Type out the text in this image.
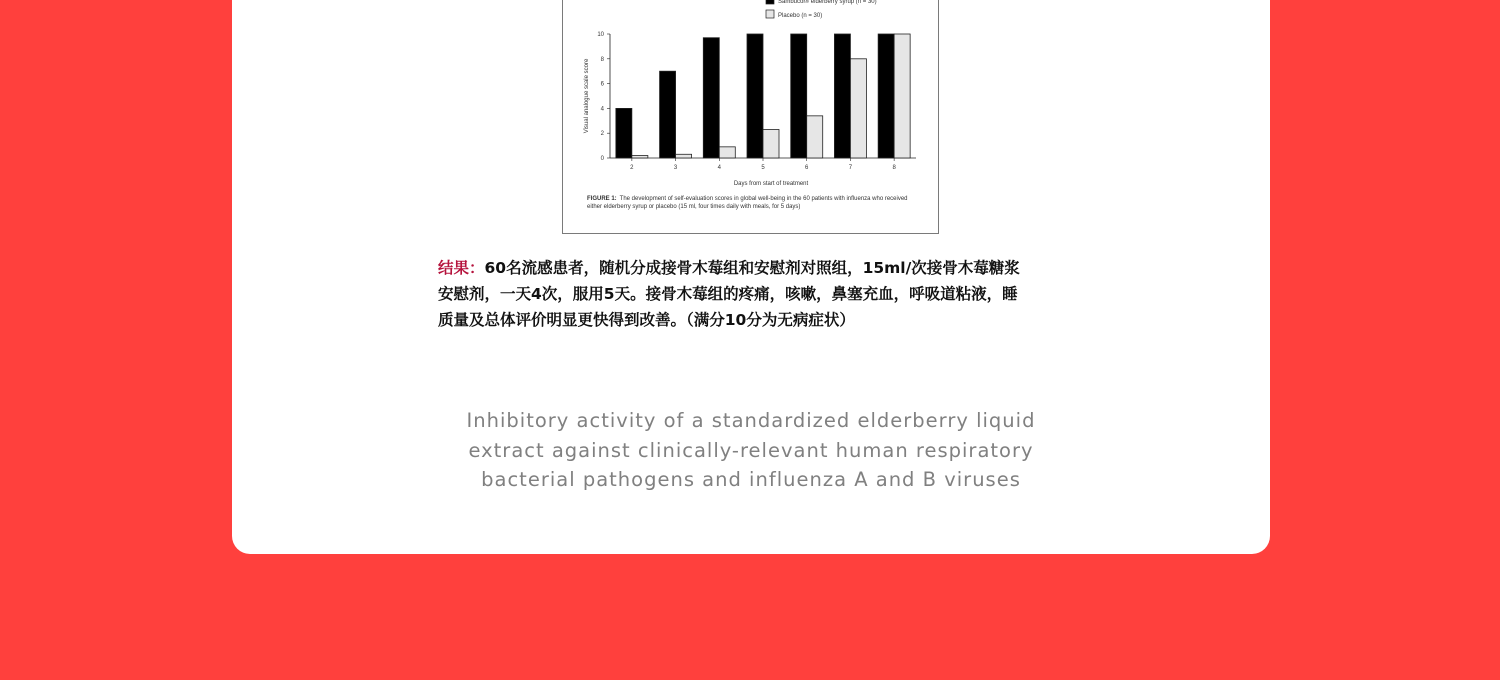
0
2
4
6
8
10
Visual analogue scale score
2	3	4	5	6	7	8
Days from start of treatment
Sambucol® elderberry syrup (n = 30)
Placebo (n = 30)
FIGURE 1: The development of self-evaluation scores in global well-being in the 60 patients with influenza who received either elderberry syrup or placebo (15 ml, four times daily with meals, for 5 days)
结果：60名流感患者，随机分成接骨木莓组和安慰剂对照组，15ml/次接骨木莓糖浆
安慰剂，一天4次，服用5天。接骨木莓组的疼痛，咳嗽，鼻塞充血，呼吸道粘液，睡
质量及总体评价明显更快得到改善。（满分10分为无病症状）
Inhibitory activity of a standardized elderberry liquid
extract against clinically-relevant human respiratory
bacterial pathogens and influenza A and B viruses
